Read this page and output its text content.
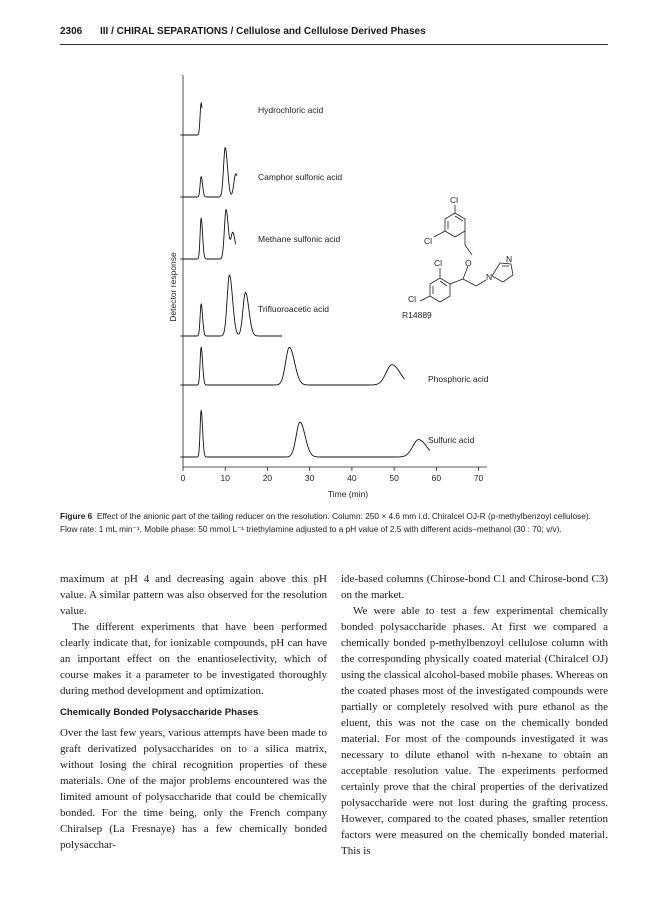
2306 III / CHIRAL SEPARATIONS / Cellulose and Cellulose Derived Phases
0	10	20	30	40	50	60	70
Hydrochloric acid
Camphor sulfonic acid
Methane sulfonic acid
Trifluoroacetic acid
Phosphoric acid
Sulfuric acid
Time (min)
Detector response
Cl
Cl
Cl
Cl
O	N
N
R14889
Figure 6 Effect of the anionic part of the tailing reducer on the resolution. Column: 250 × 4.6 mm i.d. Chiralcel OJ-R (p-methylbenzoyl cellulose). Flow rate: 1 mL min⁻¹. Mobile phase: 50 mmol L⁻¹ triethylamine adjusted to a pH value of 2.5 with different acids–methanol (30 : 70; v/v).

maximum at pH 4 and decreasing again above this pH value. A similar pattern was also observed for the resolution value.

The different experiments that have been performed clearly indicate that, for ionizable compounds, pH can have an important effect on the enantioselectivity, which of course makes it a parameter to be investigated thoroughly during method development and optimization.

Chemically Bonded Polysaccharide Phases

Over the last few years, various attempts have been made to graft derivatized polysaccharides on to a silica matrix, without losing the chiral recognition properties of these materials. One of the major problems encountered was the limited amount of polysaccharide that could be chemically bonded. For the time being, only the French company Chiralsep (La Fresnaye) has a few chemically bonded polysacchar-

ide-based columns (Chirose-bond C1 and Chirose-bond C3) on the market.

We were able to test a few experimental chemically bonded polysaccharide phases. At first we compared a chemically bonded p-methylbenzoyl cellulose column with the corresponding physically coated material (Chiralcel OJ) using the classical alcohol-based mobile phases. Whereas on the coated phases most of the investigated compounds were partially or completely resolved with pure ethanol as the eluent, this was not the case on the chemically bonded material. For most of the compounds investigated it was necessary to dilute ethanol with n-hexane to obtain an acceptable resolution value. The experiments performed certainly prove that the chiral properties of the derivatized polysaccharide were not lost during the grafting process. However, compared to the coated phases, smaller retention factors were measured on the chemically bonded material. This is
